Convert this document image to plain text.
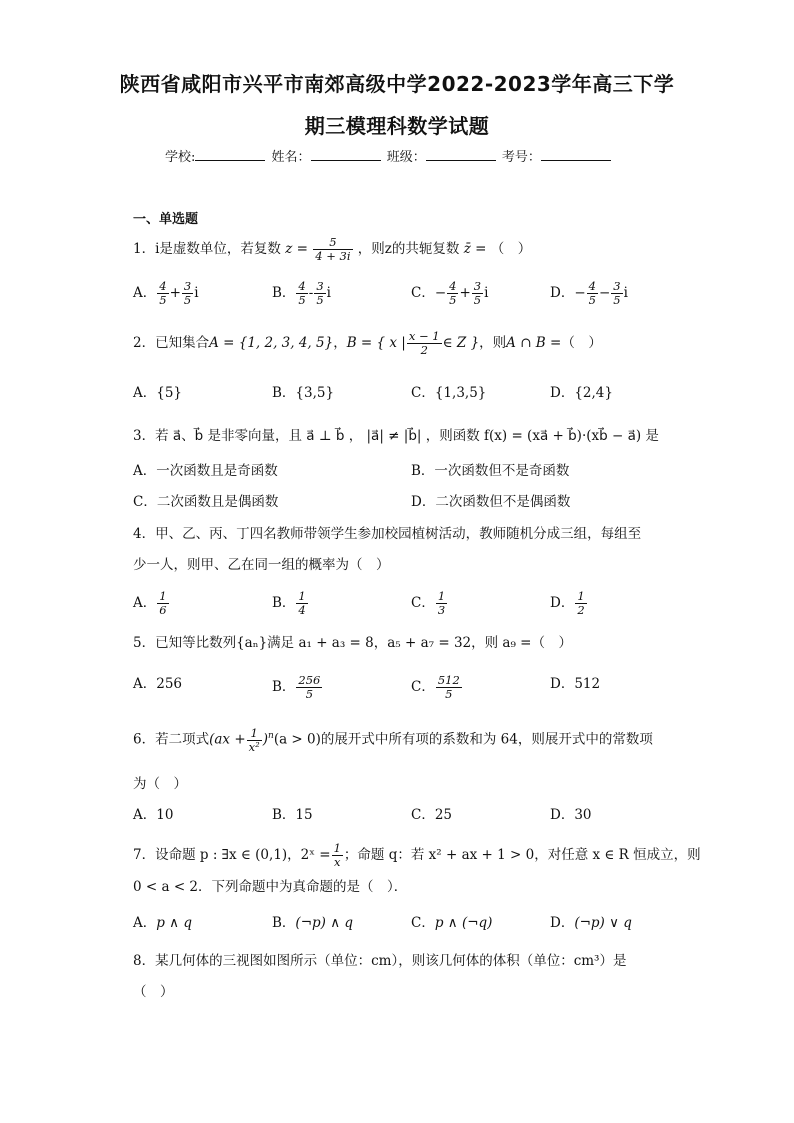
陕西省咸阳市兴平市南郊高级中学2022-2023学年高三下学
期三模理科数学试题
学校:	姓名：	班级：	考号：
一、单选题
1．i是虚数单位，若复数 $z = \frac{5}{4 + 3i}$ ，则z的共轭复数 z̄ = （　）
A． $\frac{4}{5} + \frac{3}{5}$ i	B． $\frac{4}{5} - \frac{3}{5}$ i	C．− $\frac{4}{5} + \frac{3}{5}$ i	D．− $\frac{4}{5} - \frac{3}{5}$ i
2．已知集合A = {1, 2, 3, 4, 5}，B = { x | $\frac{x - 1}{2}$ ∈ Z }，则A ∩ B =（　）
A．{5}	B．{3,5}	C．{1,3,5}	D．{2,4}
3．若 a⃗、b⃗ 是非零向量，且 a⃗ ⊥ b⃗ ， |a⃗| ≠ |b⃗| ，则函数 f(x) = (xa⃗ + b⃗)·(xb⃗ − a⃗) 是
A．一次函数且是奇函数	B．一次函数但不是奇函数
C．二次函数且是偶函数	D．二次函数但不是偶函数
4．甲、乙、丙、丁四名教师带领学生参加校园植树活动，教师随机分成三组，每组至
少一人，则甲、乙在同一组的概率为（　）
A． $\frac{1}{6}$	B． $\frac{1}{4}$	C． $\frac{1}{3}$	D． $\frac{1}{2}$
5．已知等比数列{aₙ}满足 a₁ + a₃ = 8，a₅ + a₇ = 32，则 a₉ =（　）
A．256	B． $\frac{256}{5}$	C． $\frac{512}{5}$	D．512
6．若二项式$(ax + \frac{1}{\text{x²}} )^n(a > 0)$的展开式中所有项的系数和为 64，则展开式中的常数项
为（　）
A．10	B．15	C．25	D．30
7．设命题 p : ∃x ∈ (0,1)，2ˣ = $\frac{1}{x}$ ；命题 q：若 x² + ax + 1 > 0，对任意 x ∈ R 恒成立，则
0 < a < 2．下列命题中为真命题的是（　）．
A．p ∧ q	B．(¬p) ∧ q	C．p ∧ (¬q)	D．(¬p) ∨ q
8．某几何体的三视图如图所示（单位：cm），则该几何体的体积（单位：cm³）是
（　）
